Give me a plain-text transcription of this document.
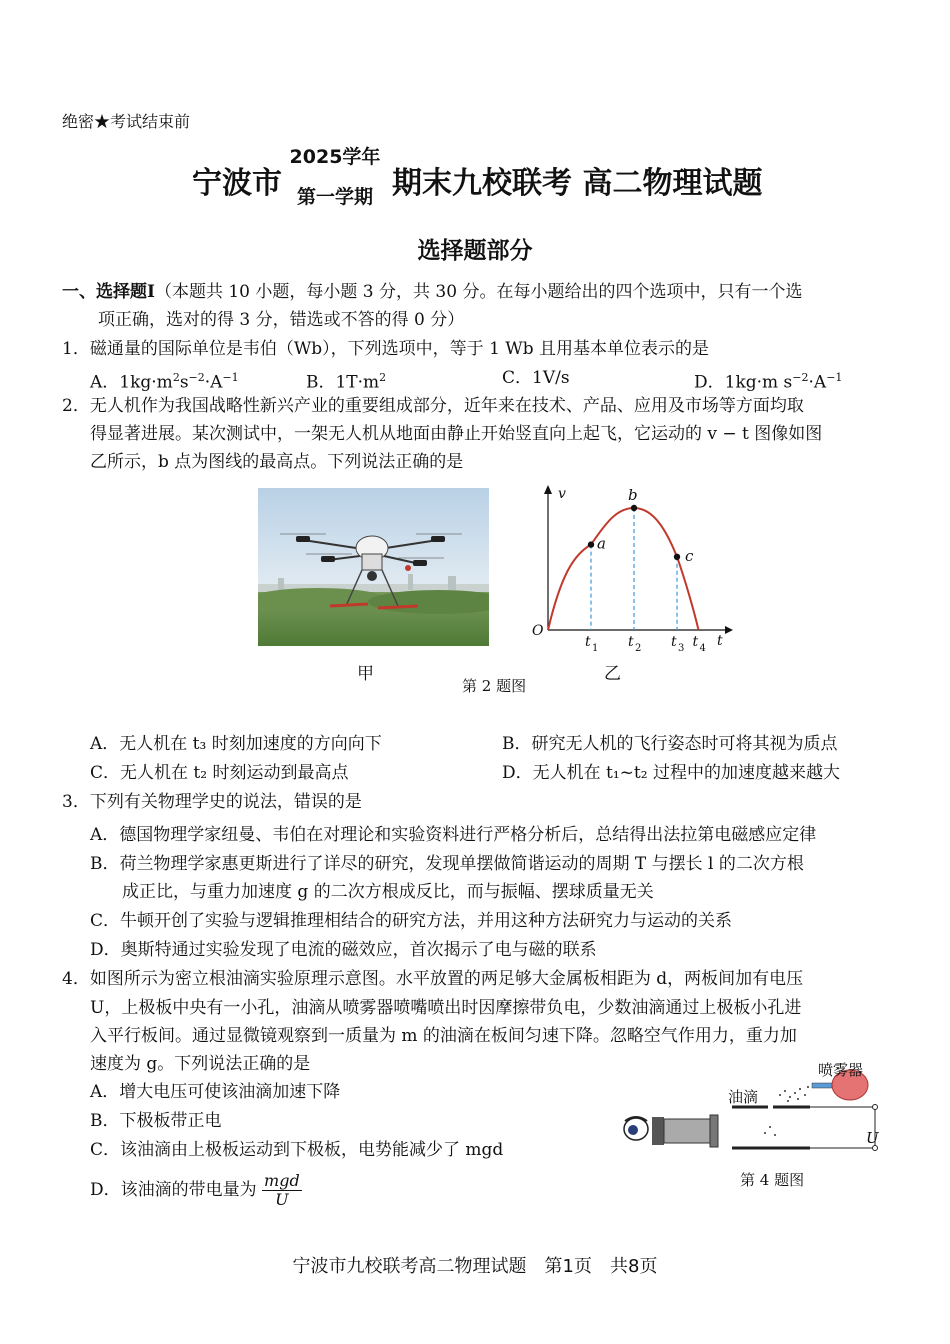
绝密★考试结束前
宁波市
2025学年
第一学期 期末九校联考 高二物理试题
选择题部分
一、选择题Ⅰ（本题共 10 小题，每小题 3 分，共 30 分。在每小题给出的四个选项中，只有一个选
项正确，选对的得 3 分，错选或不答的得 0 分）
1．磁通量的国际单位是韦伯（Wb），下列选项中，等于 1 Wb 且用基本单位表示的是
A．$1kg\cdot m^2s^{-2}\cdot A^{-1}$	B．$1T\cdot m^2$	C．1V/s	D．1kg·m $s^{-2}\cdot A^{-1}$
2．无人机作为我国战略性新兴产业的重要组成部分，近年来在技术、产品、应用及市场等方面均取
得显著进展。某次测试中，一架无人机从地面由静止开始竖直向上起飞，它运动的 v − t 图像如图
乙所示，b 点为图线的最高点。下列说法正确的是
v
t
O
a
b
c
t 1 t 2 t 3 t 4
甲	乙
第 2 题图
A．无人机在 t₃ 时刻加速度的方向向下	B．研究无人机的飞行姿态时可将其视为质点
C．无人机在 t₂ 时刻运动到最高点	D．无人机在 t₁~t₂ 过程中的加速度越来越大
3．下列有关物理学史的说法，错误的是
A．德国物理学家纽曼、韦伯在对理论和实验资料进行严格分析后，总结得出法拉第电磁感应定律
B．荷兰物理学家惠更斯进行了详尽的研究，发现单摆做简谐运动的周期 T 与摆长 l 的二次方根
成正比，与重力加速度 g 的二次方根成反比，而与振幅、摆球质量无关
C．牛顿开创了实验与逻辑推理相结合的研究方法，并用这种方法研究力与运动的关系
D．奥斯特通过实验发现了电流的磁效应，首次揭示了电与磁的联系
4．如图所示为密立根油滴实验原理示意图。水平放置的两足够大金属板相距为 d，两板间加有电压
U，上极板中央有一小孔，油滴从喷雾器喷嘴喷出时因摩擦带负电，少数油滴通过上极板小孔进
入平行板间。通过显微镜观察到一质量为 m 的油滴在板间匀速下降。忽略空气作用力，重力加
速度为 g。下列说法正确的是
A．增大电压可使该油滴加速下降
B．下极板带正电
C．该油滴由上极板运动到下极板，电势能减少了 mgd
D．该油滴的带电量为 $\frac{\text{mgd}}{U}$
喷雾器
油滴
U
第 4 题图
宁波市九校联考高二物理试题　第1页　共8页
